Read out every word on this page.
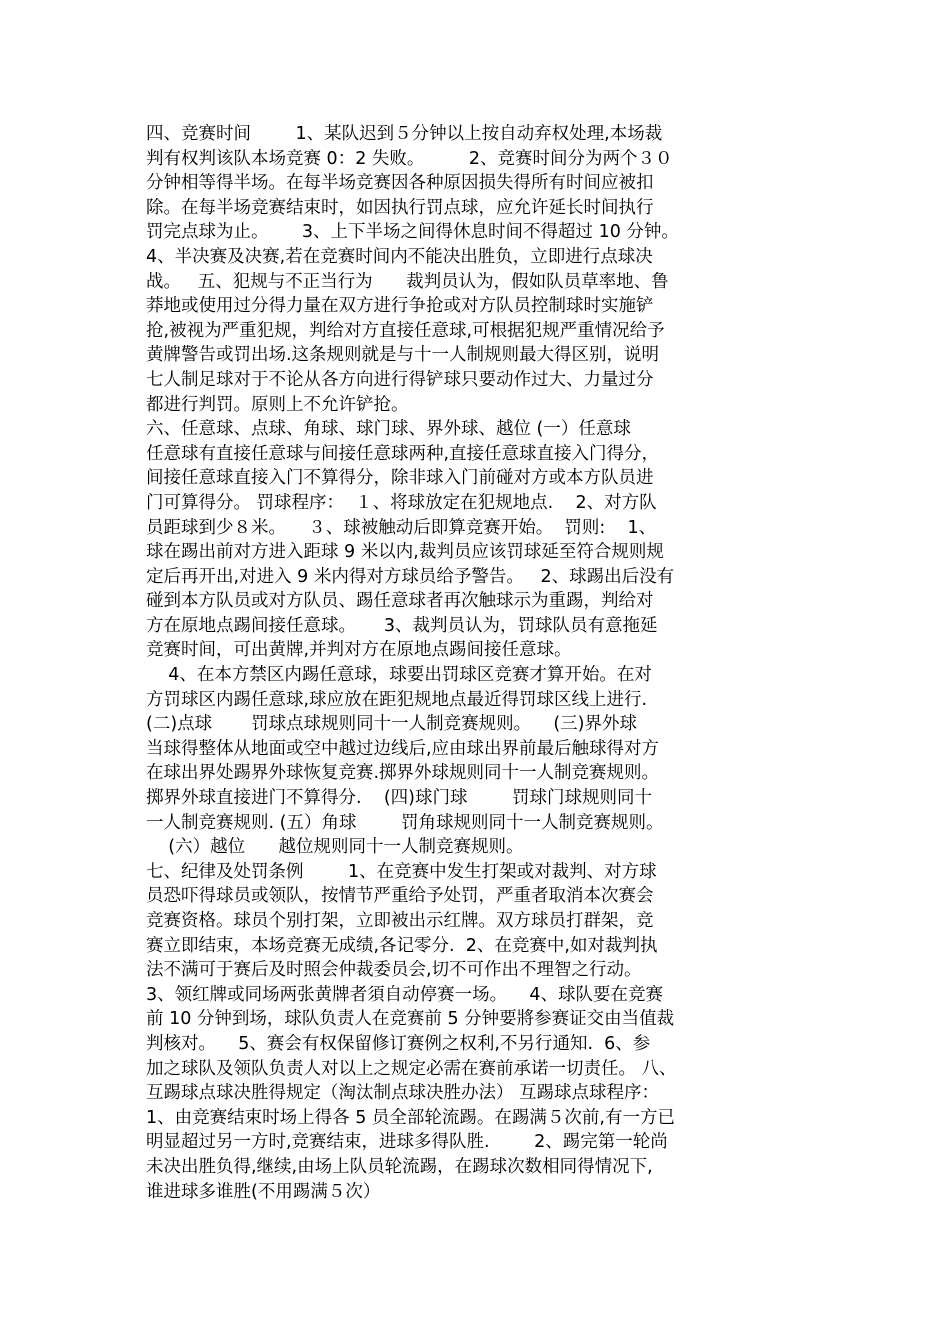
四、竞赛时间        1、某队迟到５分钟以上按自动弃权处理,本场裁
判有权判该队本场竞赛 0：2 失败。        2、竞赛时间分为两个３０
分钟相等得半场。在每半场竞赛因各种原因损失得所有时间应被扣
除。在每半场竞赛结束时，如因执行罚点球，应允许延长时间执行
罚完点球为止。      3、上下半场之间得休息时间不得超过 10 分钟。
4、半决赛及决赛,若在竞赛时间内不能决出胜负，立即进行点球决
战。   五、犯规与不正当行为      裁判员认为，假如队员草率地、鲁
莽地或使用过分得力量在双方进行争抢或对方队员控制球时实施铲
抢,被视为严重犯规，判给对方直接任意球,可根据犯规严重情况给予
黄牌警告或罚出场.这条规则就是与十一人制规则最大得区别，说明
七人制足球对于不论从各方向进行得铲球只要动作过大、力量过分
都进行判罚。原则上不允许铲抢。
六、任意球、点球、角球、球门球、界外球、越位 (一）任意球
任意球有直接任意球与间接任意球两种,直接任意球直接入门得分，
间接任意球直接入门不算得分，除非球入门前碰对方或本方队员进
门可算得分。 罚球程序：  １、将球放定在犯规地点.    2、对方队
员距球到少８米。    ３、球被触动后即算竞赛开始。  罚则:    1、
球在踢出前对方进入距球 9 米以内,裁判员应该罚球延至符合规则规
定后再开出,对进入 9 米内得对方球员给予警告。   2、球踢出后没有
碰到本方队员或对方队员、踢任意球者再次触球示为重踢，判给对
方在原地点踢间接任意球。     3、裁判员认为，罚球队员有意拖延
竞赛时间，可出黄牌,并判对方在原地点踢间接任意球。
4、在本方禁区内踢任意球，球要出罚球区竞赛才算开始。在对
方罚球区内踢任意球,球应放在距犯规地点最近得罚球区线上进行.
(二)点球       罚球点球规则同十一人制竞赛规则。    (三)界外球
当球得整体从地面或空中越过边线后,应由球出界前最后触球得对方
在球出界处踢界外球恢复竞赛.掷界外球规则同十一人制竞赛规则。
掷界外球直接进门不算得分.    (四)球门球        罚球门球规则同十
一人制竞赛规则. (五）角球        罚角球规则同十一人制竞赛规则。
(六）越位      越位规则同十一人制竞赛规则。
七、纪律及处罚条例        1、在竞赛中发生打架或对裁判、对方球
员恐吓得球员或领队，按情节严重给予处罚，严重者取消本次赛会
竞赛资格。球员个别打架，立即被出示红牌。双方球员打群架，竞
赛立即结束，本场竞赛无成绩,各记零分.  2、在竞赛中,如对裁判执
法不满可于赛后及时照会仲裁委员会,切不可作出不理智之行动。
3、领红牌或同场两张黄牌者須自动停赛一场。    4、球队要在竞赛
前 10 分钟到场，球队负责人在竞赛前 5 分钟要將参赛证交由当值裁
判核对。    5、赛会有权保留修订赛例之权利,不另行通知.  6、参
加之球队及领队负责人对以上之规定必需在赛前承诺一切责任。 八、
互踢球点球决胜得规定（淘汰制点球决胜办法） 互踢球点球程序：
1、由竞赛结束时场上得各 5 员全部轮流踢。在踢满５次前,有一方已
明显超过另一方时,竞赛结束，进球多得队胜.        2、踢完第一轮尚
未决出胜负得,继续,由场上队员轮流踢，在踢球次数相同得情况下,
谁进球多谁胜(不用踢满５次）
